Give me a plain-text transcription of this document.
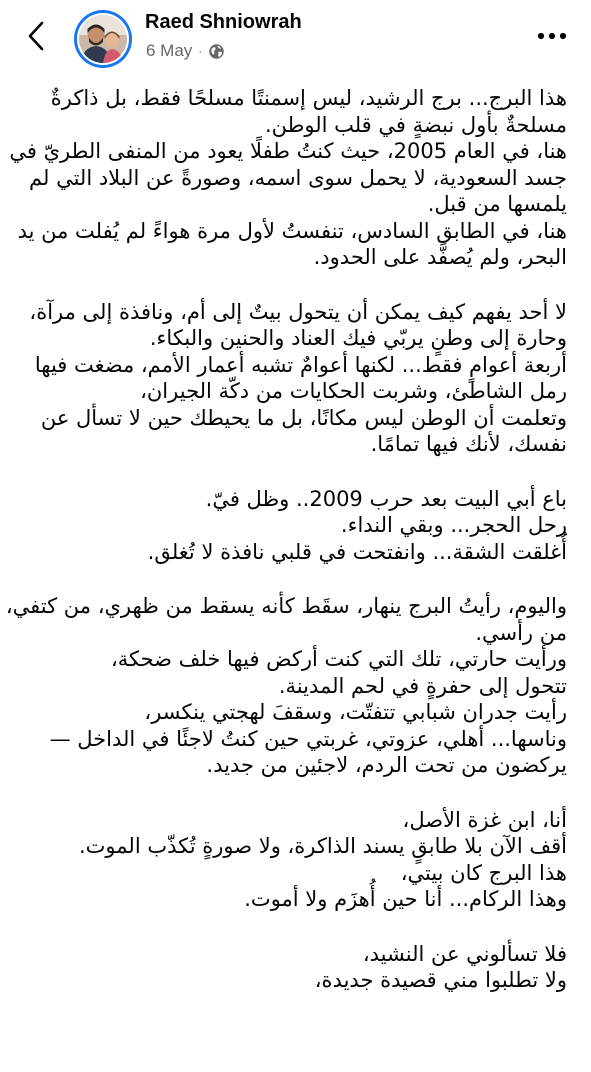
Raed Shniowrah
6 May ·

هذا البرج... برج الرشيد، ليس إسمنتًا مسلحًا فقط، بل ذاكرةٌ
مسلحةٌ بأول نبضةٍ في قلب الوطن.
هنا، في العام 2005، حيث كنتُ طفلًا يعود من المنفى الطريّ في
جسد السعودية، لا يحمل سوى اسمه، وصورةً عن البلاد التي لم
يلمسها من قبل.
هنا، في الطابق السادس، تنفستُ لأول مرة هواءً لم يُفلت من يد
البحر، ولم يُصفَّد على الحدود.

لا أحد يفهم كيف يمكن أن يتحول بيتٌ إلى أم، ونافذة إلى مرآة،
وحارة إلى وطنٍ يربّي فيك العناد والحنين والبكاء.
أربعة أعوامٍ فقط... لكنها أعوامٌ تشبه أعمار الأمم، مضغت فيها
رمل الشاطئ، وشربت الحكايات من دكّة الجيران،
وتعلمت أن الوطن ليس مكانًا، بل ما يحيطك حين لا تسأل عن
نفسك، لأنك فيها تمامًا.

باع أبي البيت بعد حرب 2009.. وظل فيّ.
رحل الحجر... وبقي النداء.
أُغلقت الشقة... وانفتحت في قلبي نافذة لا تُغلق.

واليوم، رأيتُ البرج ينهار، سقَط كأنه يسقط من ظهري، من كتفي،
من رأسي.
ورأيت حارتي، تلك التي كنت أركض فيها خلف ضحكة،
تتحول إلى حفرةٍ في لحم المدينة.
رأيت جدران شبابي تتفتّت، وسقفَ لهجتي ينكسر،
وناسها... أهلي، عزوتي، غربتي حين كنتُ لاجئًا في الداخل —
يركضون من تحت الردم، لاجئين من جديد.

أنا، ابن غزة الأصل،
أقف الآن بلا طابقٍ يسند الذاكرة، ولا صورةٍ تُكذّب الموت.
هذا البرج كان بيتي،
وهذا الركام... أنا حين أُهزَم ولا أموت.

فلا تسألوني عن النشيد،
ولا تطلبوا مني قصيدة جديدة،
